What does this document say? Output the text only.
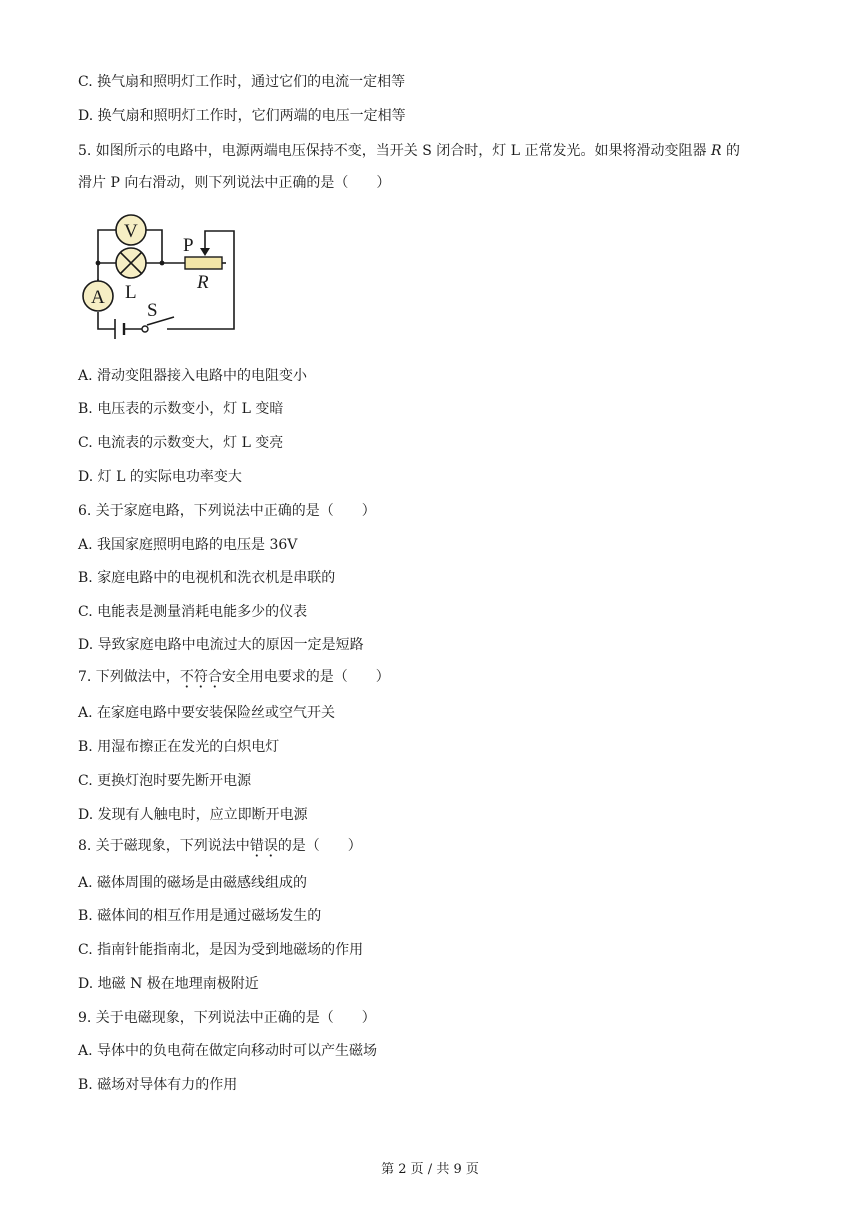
C. 换气扇和照明灯工作时，通过它们的电流一定相等
D. 换气扇和照明灯工作时，它们两端的电压一定相等
5. 如图所示的电路中，电源两端电压保持不变，当开关 S 闭合时，灯 L 正常发光。如果将滑动变阻器 R 的
滑片 P 向右滑动，则下列说法中正确的是（　　）
V
A L
P
R
S
A. 滑动变阻器接入电路中的电阻变小
B. 电压表的示数变小，灯 L 变暗
C. 电流表的示数变大，灯 L 变亮
D. 灯 L 的实际电功率变大
6. 关于家庭电路，下列说法中正确的是（　　）
A. 我国家庭照明电路的电压是 36V
B. 家庭电路中的电视机和洗衣机是串联的
C. 电能表是测量消耗电能多少的仪表
D. 导致家庭电路中电流过大的原因一定是短路
7. 下列做法中，不符合安全用电要求的是（　　）
A. 在家庭电路中要安装保险丝或空气开关
B. 用湿布擦正在发光的白炽电灯
C. 更换灯泡时要先断开电源
D. 发现有人触电时，应立即断开电源
8. 关于磁现象，下列说法中错误的是（　　）
A. 磁体周围的磁场是由磁感线组成的
B. 磁体间的相互作用是通过磁场发生的
C. 指南针能指南北，是因为受到地磁场的作用
D. 地磁 N 极在地理南极附近
9. 关于电磁现象，下列说法中正确的是（　　）
A. 导体中的负电荷在做定向移动时可以产生磁场
B. 磁场对导体有力的作用
第 2 页 / 共 9 页
